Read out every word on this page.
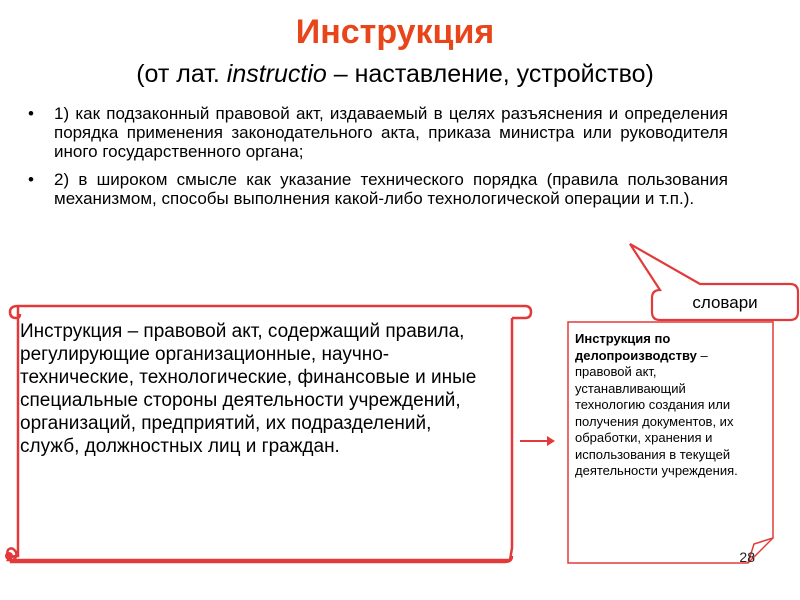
Инструкция
(от лат. instructio – наставление, устройство)
• 1) как подзаконный правовой акт, издаваемый в целях разъяснения и определения порядка применения законодательного акта, приказа министра или руководителя иного государственного органа;
• 2) в широком смысле как указание технического порядка (правила пользования механизмом, способы выполнения какой-либо технологической операции и т.п.).
словари
Инструкция – правовой акт, содержащий правила, регулирующие организационные, научно-технические, технологические, финансовые и иные специальные стороны деятельности учреждений, организаций, предприятий, их подразделений, служб, должностных лиц и граждан.
Инструкция по делопроизводству – правовой акт, устанавливающий технологию создания или получения документов, их обработки, хранения и использования в текущей деятельности учреждения.
28
